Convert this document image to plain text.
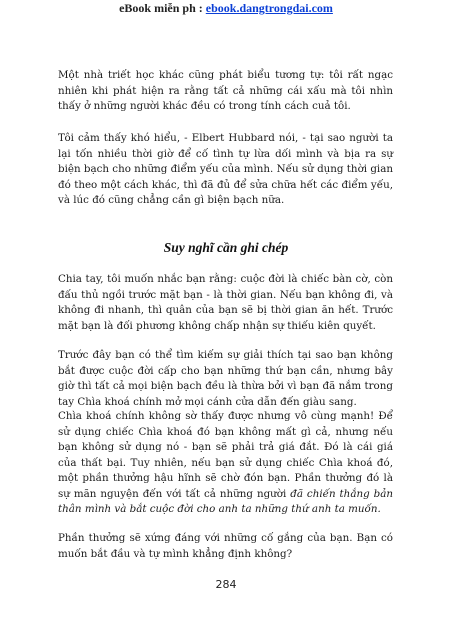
eBook miễn ph : ebook.dangtrongdai.com
Một nhà triết học khác cũng phát biểu tương tự: tôi rất ngạc nhiên khi phát hiện ra rằng tất cả những cái xấu mà tôi nhìn thấy ở những người khác đều có trong tính cách cuả tôi.
Tôi cảm thấy khó hiểu, - Elbert Hubbard nói, - tại sao người ta lại tốn nhiều thời giờ để cố tình tự lừa dối mình và bịa ra sự biện bạch cho những điểm yếu của mình. Nếu sử dụng thời gian đó theo một cách khác, thì đã đủ để sửa chữa hết các điểm yếu, và lúc đó cũng chẳng cần gì biện bạch nữa.
Suy nghĩ cần ghi chép
Chia tay, tôi muốn nhắc bạn rằng: cuộc đời là chiếc bàn cờ, còn đấu thủ ngồi trước mặt bạn - là thời gian. Nếu bạn không đi, và không đi nhanh, thì quân của bạn sẽ bị thời gian ăn hết. Trước mặt bạn là đối phương không chấp nhận sự thiếu kiên quyết.
Trước đây bạn có thể tìm kiếm sự giải thích tại sao bạn không bắt được cuộc đời cấp cho bạn những thứ bạn cần, nhưng bây giờ thì tất cả mọi biện bạch đều là thừa bởi vì bạn đã nắm trong tay Chìa khoá chính mở mọi cánh cửa dẫn đến giàu sang.
Chìa khoá chính không sờ thấy được nhưng vô cùng mạnh! Để sử dụng chiếc Chìa khoá đó bạn không mất gì cả, nhưng nếu bạn không sử dụng nó - bạn sẽ phải trả giá đắt. Đó là cái giá của thất bại. Tuy nhiên, nếu bạn sử dụng chiếc Chìa khoá đó, một phần thưởng hậu hĩnh sẽ chờ đón bạn. Phần thưởng đó là sự mãn nguyện đến với tất cả những người đã chiến thắng bản thân mình và bắt cuộc đời cho anh ta những thứ anh ta muốn.
Phần thưởng sẽ xứng đáng với những cố gắng của bạn. Bạn có muốn bắt đầu và tự mình khẳng định không?
284
